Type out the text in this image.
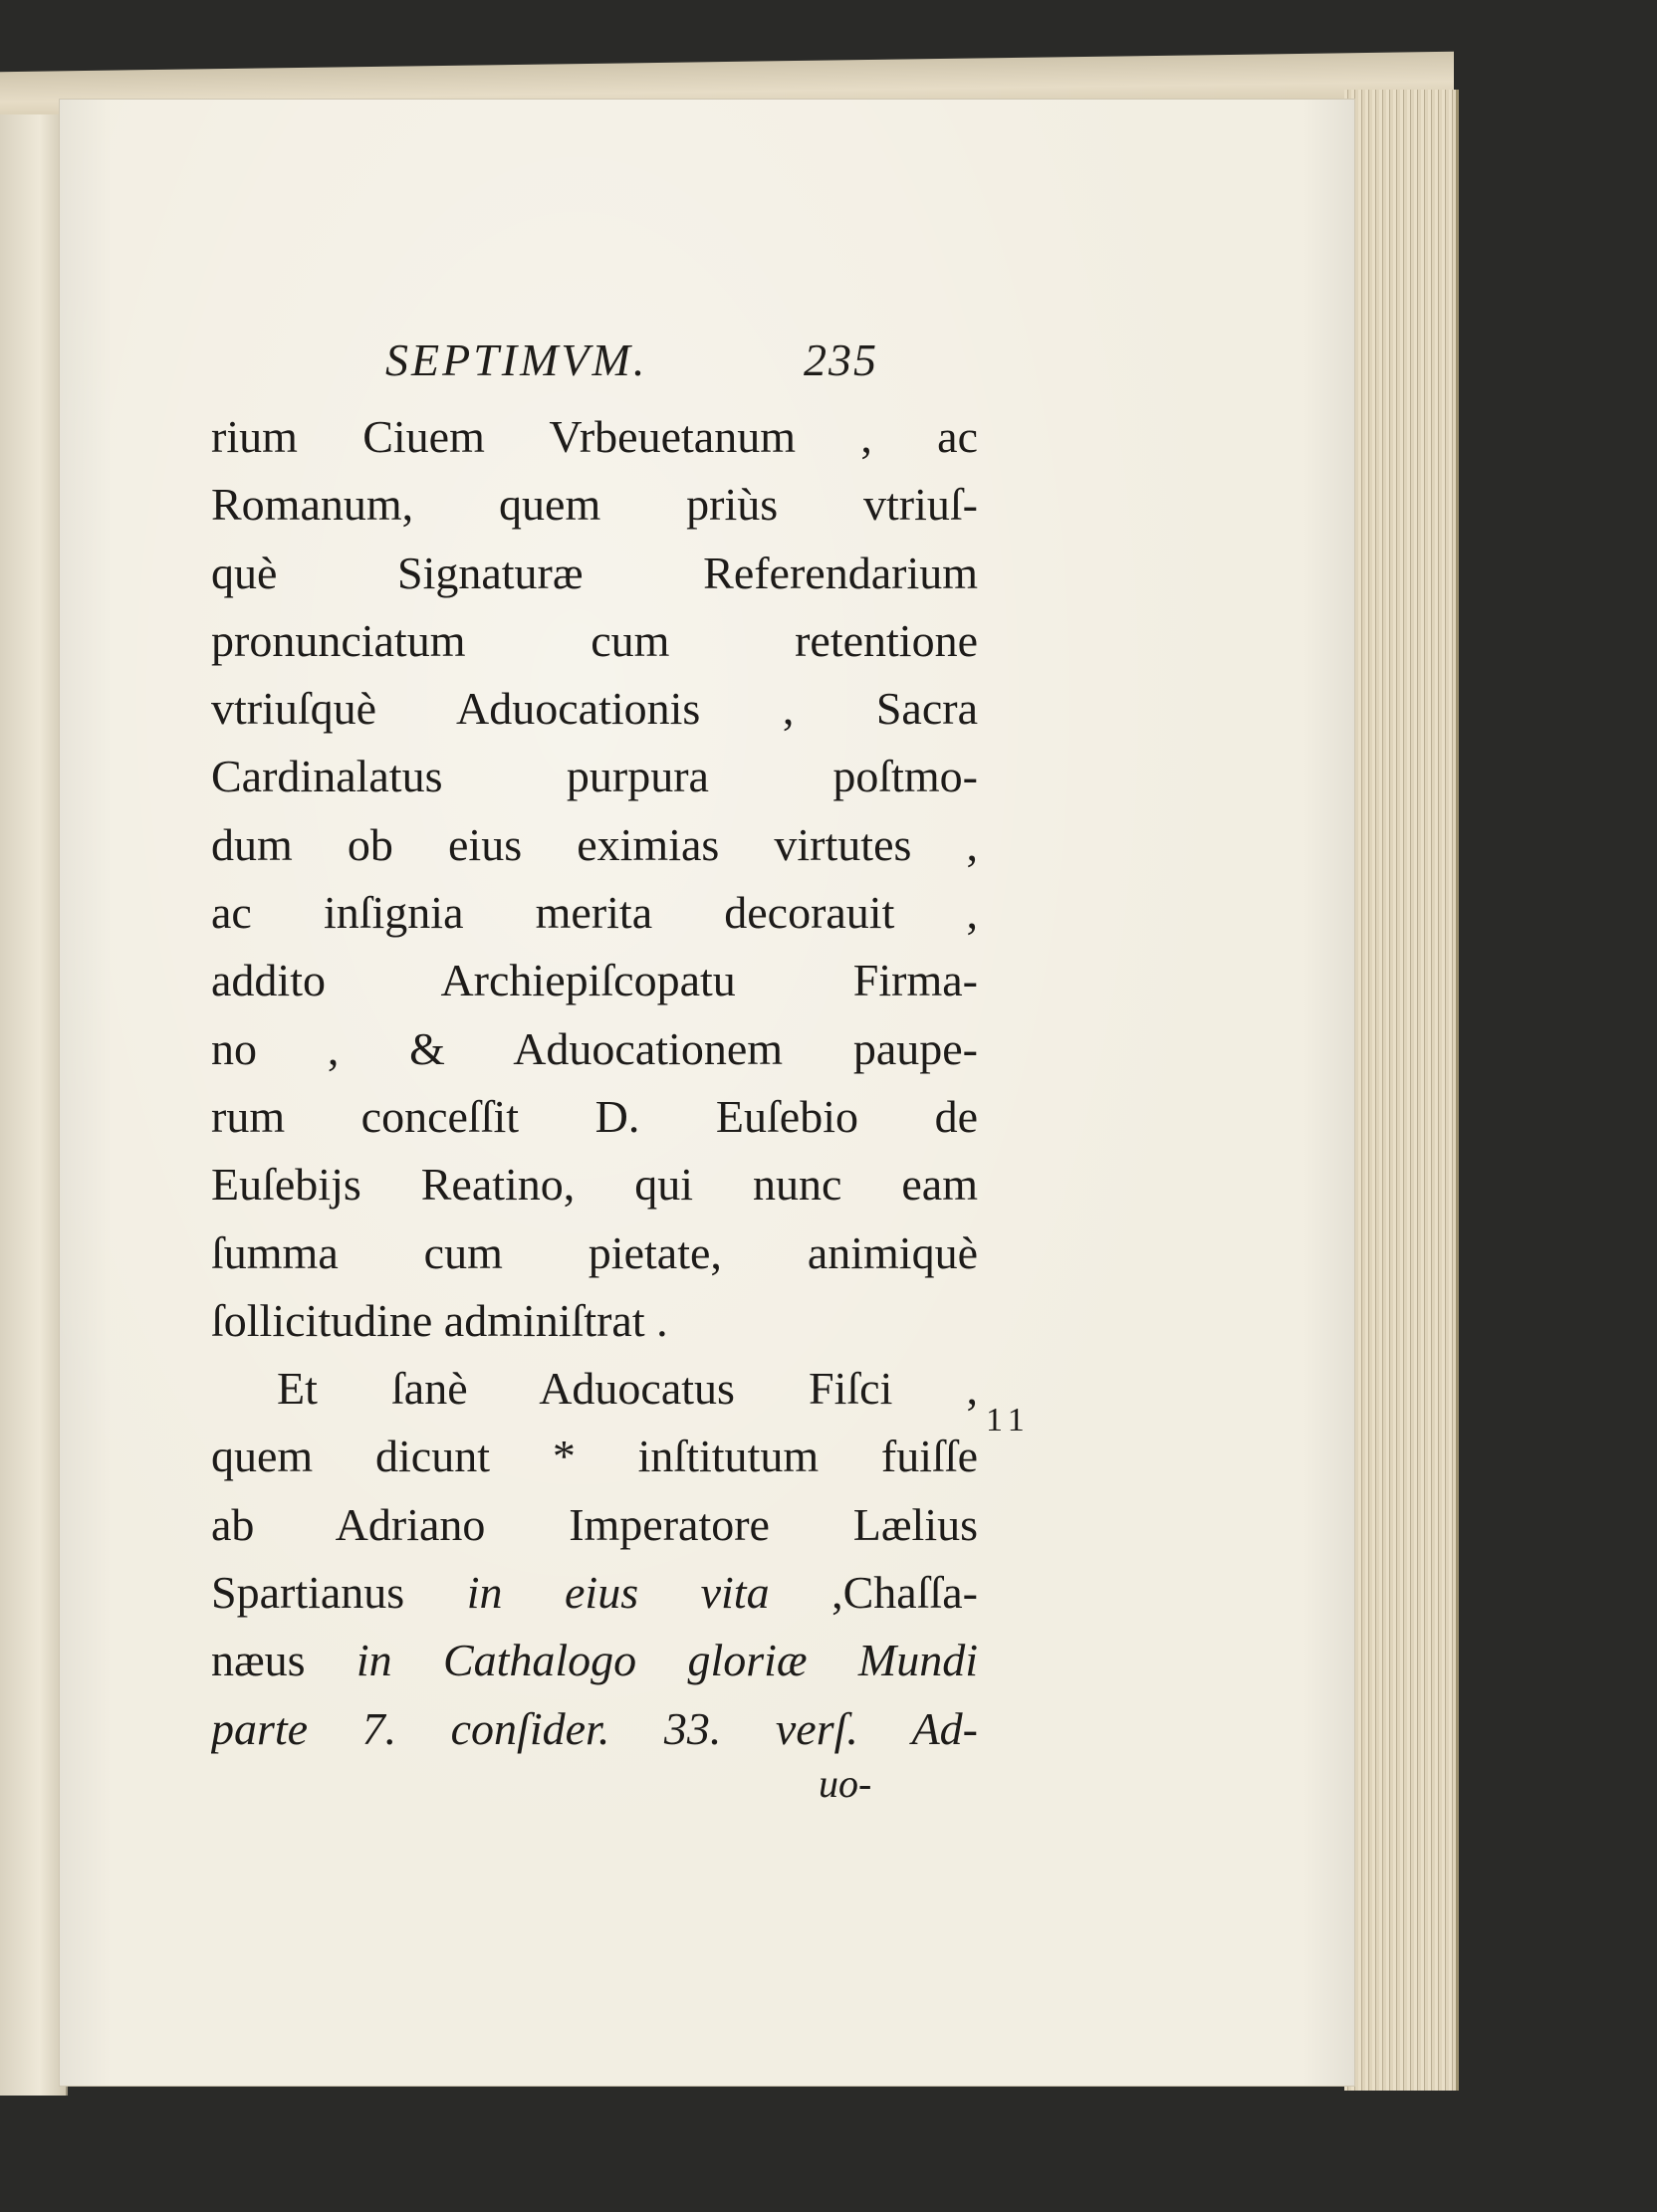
SEPTIMVM.	235
rium Ciuem Vrbeuetanum , ac
Romanum, quem priùs vtriuſ-
què Signaturæ Referendarium
pronunciatum cum retentione
vtriuſquè Aduocationis , Sacra
Cardinalatus purpura poſtmo-
dum ob eius eximias virtutes ,
ac inſignia merita decorauit ,
addito Archiepiſcopatu Firma-
no , & Aduocationem paupe-
rum conceſſit D. Euſebio de
Euſebijs Reatino, qui nunc eam
ſumma cum pietate, animiquè
ſollicitudine adminiſtrat .
Et ſanè Aduocatus Fiſci ,
quem dicunt * inſtitutum fuiſſe
ab Adriano Imperatore Lælius
Spartianus in eius vita ,Chaſſa-
næus in Cathalogo gloriæ Mundi
parte 7. conſider. 33. verſ. Ad-
11
uo-
